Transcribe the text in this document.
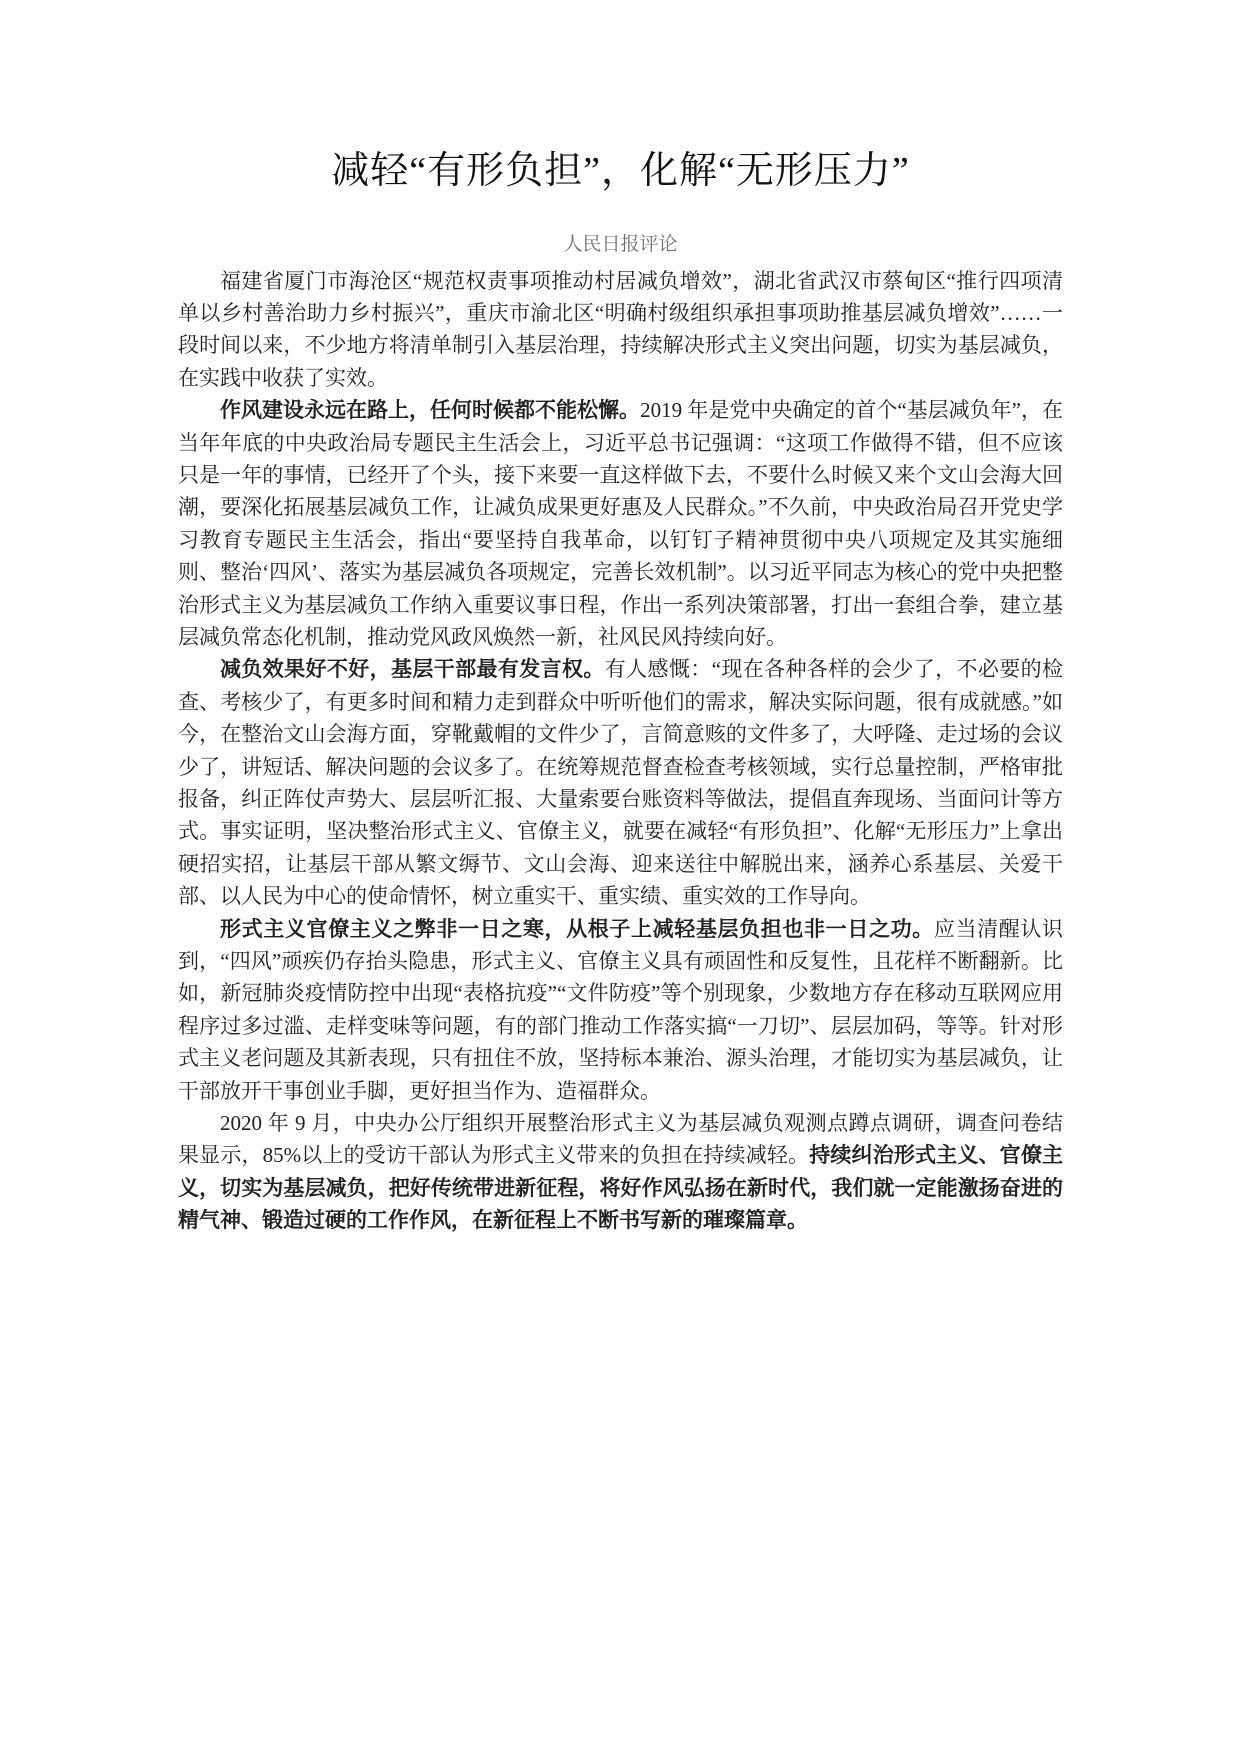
减轻“有形负担”，化解“无形压力”
人民日报评论

福建省厦门市海沧区“规范权责事项推动村居减负增效”，湖北省武汉市蔡甸区“推行四项清单以乡村善治助力乡村振兴”，重庆市渝北区“明确村级组织承担事项助推基层减负增效”……一段时间以来，不少地方将清单制引入基层治理，持续解决形式主义突出问题，切实为基层减负，在实践中收获了实效。

作风建设永远在路上，任何时候都不能松懈。2019 年是党中央确定的首个“基层减负年”，在当年年底的中央政治局专题民主生活会上，习近平总书记强调：“这项工作做得不错，但不应该只是一年的事情，已经开了个头，接下来要一直这样做下去，不要什么时候又来个文山会海大回潮，要深化拓展基层减负工作，让减负成果更好惠及人民群众。”不久前，中央政治局召开党史学习教育专题民主生活会，指出“要坚持自我革命，以钉钉子精神贯彻中央八项规定及其实施细则、整治‘四风’、落实为基层减负各项规定，完善长效机制”。以习近平同志为核心的党中央把整治形式主义为基层减负工作纳入重要议事日程，作出一系列决策部署，打出一套组合拳，建立基层减负常态化机制，推动党风政风焕然一新，社风民风持续向好。

减负效果好不好，基层干部最有发言权。有人感慨：“现在各种各样的会少了，不必要的检查、考核少了，有更多时间和精力走到群众中听听他们的需求，解决实际问题，很有成就感。”如今，在整治文山会海方面，穿靴戴帽的文件少了，言简意赅的文件多了，大呼隆、走过场的会议少了，讲短话、解决问题的会议多了。在统筹规范督查检查考核领域，实行总量控制，严格审批报备，纠正阵仗声势大、层层听汇报、大量索要台账资料等做法，提倡直奔现场、当面问计等方式。事实证明，坚决整治形式主义、官僚主义，就要在减轻“有形负担”、化解“无形压力”上拿出硬招实招，让基层干部从繁文缛节、文山会海、迎来送往中解脱出来，涵养心系基层、关爱干部、以人民为中心的使命情怀，树立重实干、重实绩、重实效的工作导向。

形式主义官僚主义之弊非一日之寒，从根子上减轻基层负担也非一日之功。应当清醒认识到，“四风”顽疾仍存抬头隐患，形式主义、官僚主义具有顽固性和反复性，且花样不断翻新。比如，新冠肺炎疫情防控中出现“表格抗疫”“文件防疫”等个别现象，少数地方存在移动互联网应用程序过多过滥、走样变味等问题，有的部门推动工作落实搞“一刀切”、层层加码，等等。针对形式主义老问题及其新表现，只有扭住不放，坚持标本兼治、源头治理，才能切实为基层减负，让干部放开干事创业手脚，更好担当作为、造福群众。

2020 年 9 月，中央办公厅组织开展整治形式主义为基层减负观测点蹲点调研，调查问卷结果显示，85%以上的受访干部认为形式主义带来的负担在持续减轻。持续纠治形式主义、官僚主义，切实为基层减负，把好传统带进新征程，将好作风弘扬在新时代，我们就一定能激扬奋进的精气神、锻造过硬的工作作风，在新征程上不断书写新的璀璨篇章。
